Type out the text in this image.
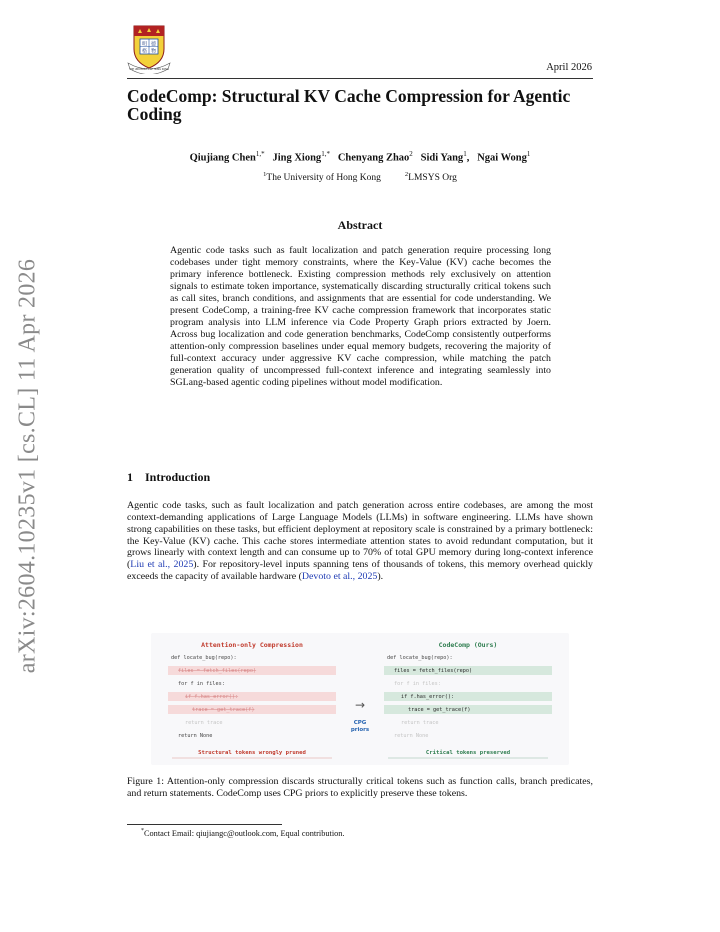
arXiv:2604.10235v1 [cs.CL] 11 Apr 2026
明 德
格 物
THE UNIVERSITY OF HONG KONG	April 2026
CodeComp: Structural KV Cache Compression for Agentic Coding
Qiujiang Chen$^{1,*}$  Jing Xiong$^{1,*}$  Chenyang Zhao$^2$  Sidi Yang$^1$,  Ngai Wong$^1$
$^1$The University of Hong Kong	$^2$LMSYS Org
Abstract

Agentic code tasks such as fault localization and patch generation require processing long codebases under tight memory constraints, where the Key-Value (KV) cache becomes the primary inference bottleneck. Existing compression methods rely exclusively on attention signals to estimate token importance, systematically discarding structurally critical tokens such as call sites, branch conditions, and assignments that are essential for code understanding. We present CodeComp, a training-free KV cache compression framework that incorporates static program analysis into LLM inference via Code Property Graph priors extracted by Joern. Across bug localization and code generation benchmarks, CodeComp consistently outperforms attention-only compression baselines under equal memory budgets, recovering the majority of full-context accuracy under aggressive KV cache compression, while matching the patch generation quality of uncompressed full-context inference and integrating seamlessly into SGLang-based agentic coding pipelines without model modification.

1 Introduction

Agentic code tasks, such as fault localization and patch generation across entire codebases, are among the most context-demanding applications of Large Language Models (LLMs) in software engineering. LLMs have shown strong capabilities on these tasks, but efficient deployment at repository scale is constrained by a primary bottleneck: the Key-Value (KV) cache. This cache stores intermediate attention states to avoid redundant computation, but it grows linearly with context length and can consume up to 70% of total GPU memory during long-context inference (Liu et al., 2025). For repository-level inputs spanning tens of thousands of tokens, this memory overhead quickly exceeds the capacity of available hardware (Devoto et al., 2025).

Attention-only Compression
def locate_bug(repo):
files = fetch_files(repo)
for f in files:
if f.has_error():
trace = get_trace(f)
return trace
return None
Structural tokens wrongly pruned
CodeComp (Ours)
def locate_bug(repo):
files = fetch_files(repo)
for f in files:
if f.has_error():
trace = get_trace(f)
return trace
return None
Critical tokens preserved
→
CPG
priors

Figure 1: Attention-only compression discards structurally critical tokens such as function calls, branch predicates, and return statements. CodeComp uses CPG priors to explicitly preserve these tokens.

*Contact Email: qiujiangc@outlook.com, Equal contribution.
